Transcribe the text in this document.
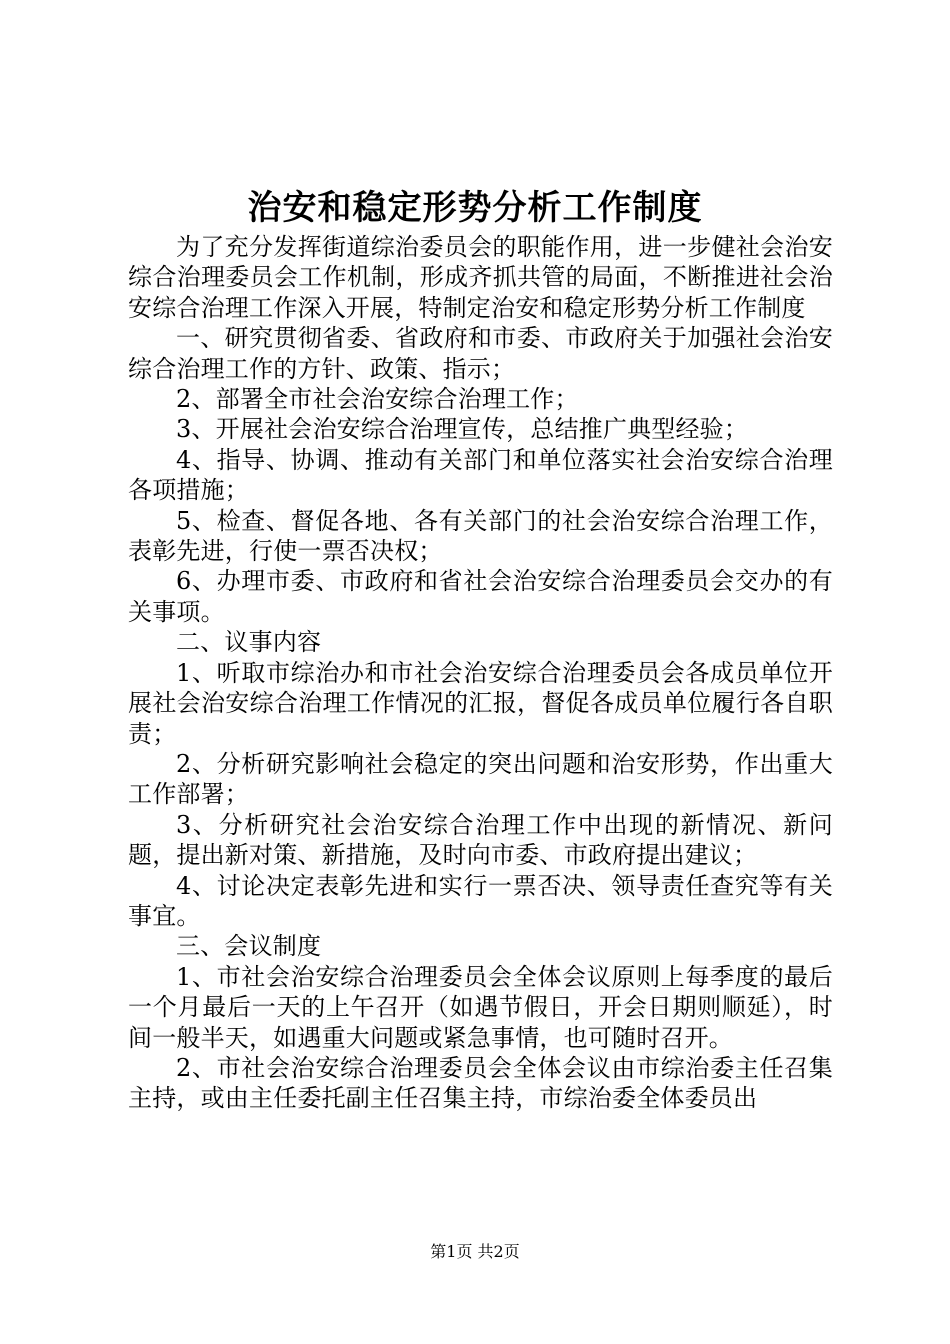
治安和稳定形势分析工作制度

为了充分发挥街道综治委员会的职能作用，进一步健社会治安综合治理委员会工作机制，形成齐抓共管的局面，不断推进社会治安综合治理工作深入开展，特制定治安和稳定形势分析工作制度

一、研究贯彻省委、省政府和市委、市政府关于加强社会治安综合治理工作的方针、政策、指示；

2、部署全市社会治安综合治理工作；

3、开展社会治安综合治理宣传，总结推广典型经验；

4、指导、协调、推动有关部门和单位落实社会治安综合治理各项措施；

5、检查、督促各地、各有关部门的社会治安综合治理工作，表彰先进，行使一票否决权；

6、办理市委、市政府和省社会治安综合治理委员会交办的有关事项。

二、议事内容

1、听取市综治办和市社会治安综合治理委员会各成员单位开展社会治安综合治理工作情况的汇报，督促各成员单位履行各自职责；

2、分析研究影响社会稳定的突出问题和治安形势，作出重大工作部署；

3、分析研究社会治安综合治理工作中出现的新情况、新问题，提出新对策、新措施，及时向市委、市政府提出建议；

4、讨论决定表彰先进和实行一票否决、领导责任查究等有关事宜。

三、会议制度

1、市社会治安综合治理委员会全体会议原则上每季度的最后一个月最后一天的上午召开（如遇节假日，开会日期则顺延），时间一般半天，如遇重大问题或紧急事情，也可随时召开。

2、市社会治安综合治理委员会全体会议由市综治委主任召集主持，或由主任委托副主任召集主持，市综治委全体委员出

第1页 共2页
